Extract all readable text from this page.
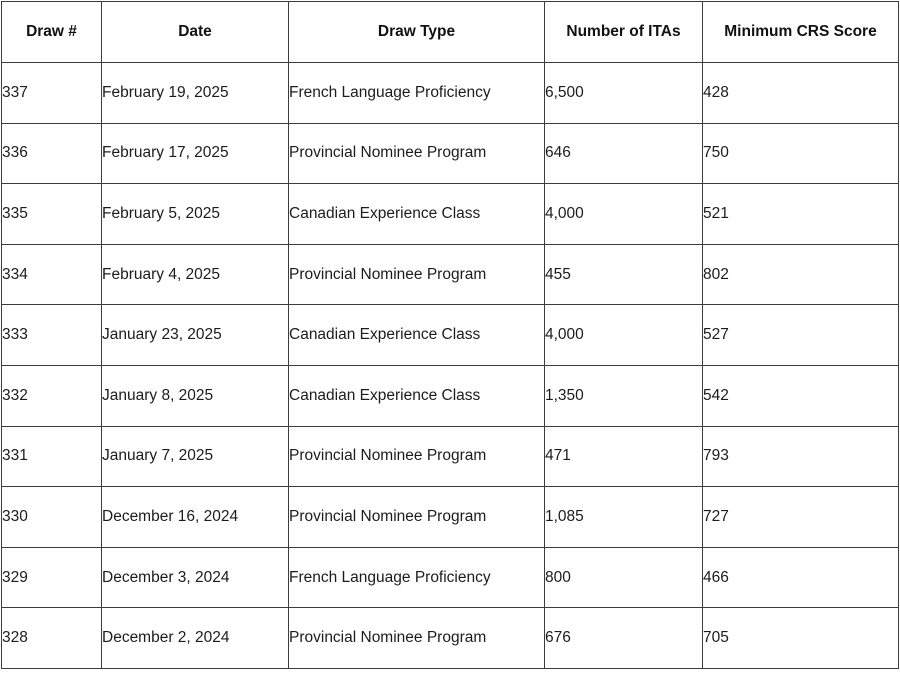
Draw #	Date	Draw Type	Number of ITAs	Minimum CRS Score
337	February 19, 2025	French Language Proficiency	6,500	428
336	February 17, 2025	Provincial Nominee Program	646	750
335	February 5, 2025	Canadian Experience Class	4,000	521
334	February 4, 2025	Provincial Nominee Program	455	802
333	January 23, 2025	Canadian Experience Class	4,000	527
332	January 8, 2025	Canadian Experience Class	1,350	542
331	January 7, 2025	Provincial Nominee Program	471	793
330	December 16, 2024	Provincial Nominee Program	1,085	727
329	December 3, 2024	French Language Proficiency	800	466
328	December 2, 2024	Provincial Nominee Program	676	705
